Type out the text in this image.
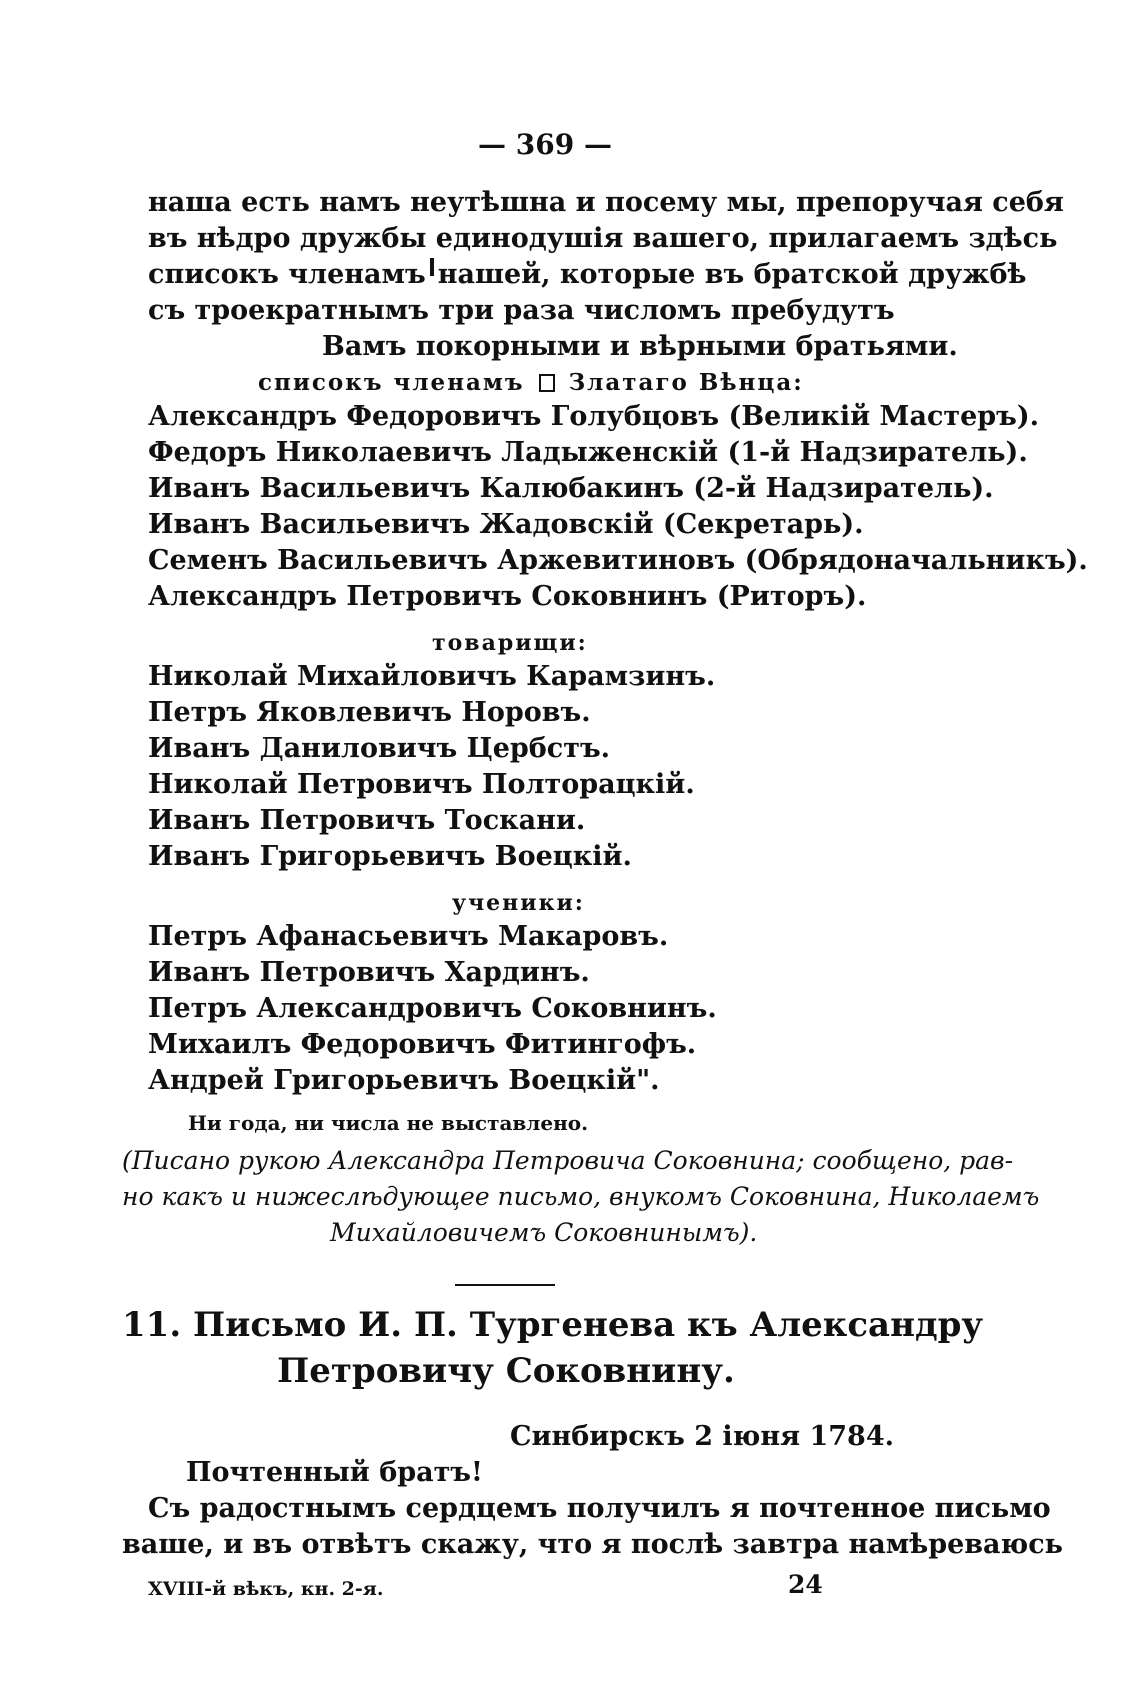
— 369 —
наша есть намъ неутѣшна и посему мы, препоручая себя
въ нѣдро дружбы единодушія вашего, прилагаемъ здѣсь
списокъ членамъ нашей, которые въ братской дружбѣ
съ троекратнымъ три раза числомъ пребудутъ
Вамъ покорными и вѣрными братьями.
списокъ членамъ Златаго Вѣнца:
Александръ Федоровичъ Голубцовъ (Великій Мастеръ).
Федоръ Николаевичъ Ладыженскій (1-й Надзиратель).
Иванъ Васильевичъ Калюбакинъ (2-й Надзиратель).
Иванъ Васильевичъ Жадовскій (Секретарь).
Семенъ Васильевичъ Аржевитиновъ (Обрядоначальникъ).
Александръ Петровичъ Соковнинъ (Риторъ).
товарищи:
Николай Михайловичъ Карамзинъ.
Петръ Яковлевичъ Норовъ.
Иванъ Даниловичъ Цербстъ.
Николай Петровичъ Полторацкій.
Иванъ Петровичъ Тоскани.
Иванъ Григорьевичъ Воецкій.
ученики:
Петръ Афанасьевичъ Макаровъ.
Иванъ Петровичъ Хардинъ.
Петръ Александровичъ Соковнинъ.
Михаилъ Федоровичъ Фитингофъ.
Андрей Григорьевичъ Воецкій".
Ни года, ни числа не выставлено.
(Писано рукою Александра Петровича Соковнина; сообщено, рав-
но какъ и нижеслѣдующее письмо, внукомъ Соковнина, Николаемъ
Михайловичемъ Соковнинымъ).
11. Письмо И. П. Тургенева къ Александру
Петровичу Соковнину.
Синбирскъ 2 іюня 1784.
Почтенный братъ!
Съ радостнымъ сердцемъ получилъ я почтенное письмо
ваше, и въ отвѣтъ скажу, что я послѣ завтра намѣреваюсь
XVIII-й вѣкъ, кн. 2-я.	24
